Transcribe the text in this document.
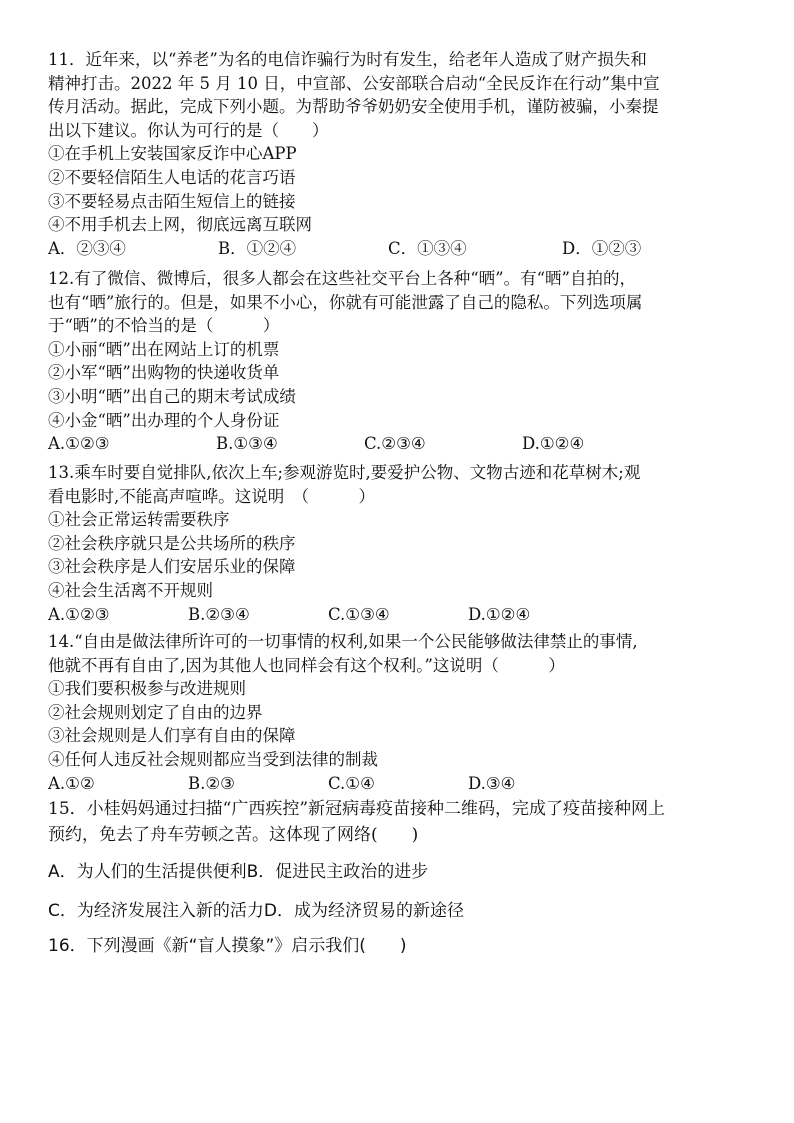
11．近年来，以“养老”为名的电信诈骗行为时有发生，给老年人造成了财产损失和
精神打击。2022 年 5 月 10 日，中宣部、公安部联合启动“全民反诈在行动”集中宣
传月活动。据此，完成下列小题。为帮助爷爷奶奶安全使用手机，谨防被骗，小秦提
出以下建议。你认为可行的是（　　）
①在手机上安装国家反诈中心APP
②不要轻信陌生人电话的花言巧语
③不要轻易点击陌生短信上的链接
④不用手机去上网，彻底远离互联网
A．②③④	B．①②④	C．①③④	D．①②③
12.有了微信、微博后，很多人都会在这些社交平台上各种“晒”。有“晒”自拍的，
也有“晒”旅行的。但是，如果不小心，你就有可能泄露了自己的隐私。下列选项属
于“晒”的不恰当的是（　　　）
①小丽“晒”出在网站上订的机票
②小军“晒”出购物的快递收货单
③小明“晒”出自己的期末考试成绩
④小金“晒”出办理的个人身份证
A.①②③	B.①③④	C.②③④	D.①②④
13.乘车时要自觉排队,依次上车;参观游览时,要爱护公物、文物古迹和花草树木;观
看电影时,不能高声喧哗。这说明　（　　　）
①社会正常运转需要秩序
②社会秩序就只是公共场所的秩序
③社会秩序是人们安居乐业的保障
④社会生活离不开规则
A.①②③	B.②③④	C.①③④	D.①②④
14.“自由是做法律所许可的一切事情的权利,如果一个公民能够做法律禁止的事情,
他就不再有自由了,因为其他人也同样会有这个权利。”这说明（　　　）
①我们要积极参与改进规则
②社会规则划定了自由的边界
③社会规则是人们享有自由的保障
④任何人违反社会规则都应当受到法律的制裁
A.①②	B.②③	C.①④	D.③④
15．小桂妈妈通过扫描“广西疾控”新冠病毒疫苗接种二维码，完成了疫苗接种网上
预约，免去了舟车劳顿之苦。这体现了网络(　　)
A．为人们的生活提供便利 B．促进民主政治的进步
C．为经济发展注入新的活力 D．成为经济贸易的新途径
16．下列漫画《新“盲人摸象”》启示我们(　　)
